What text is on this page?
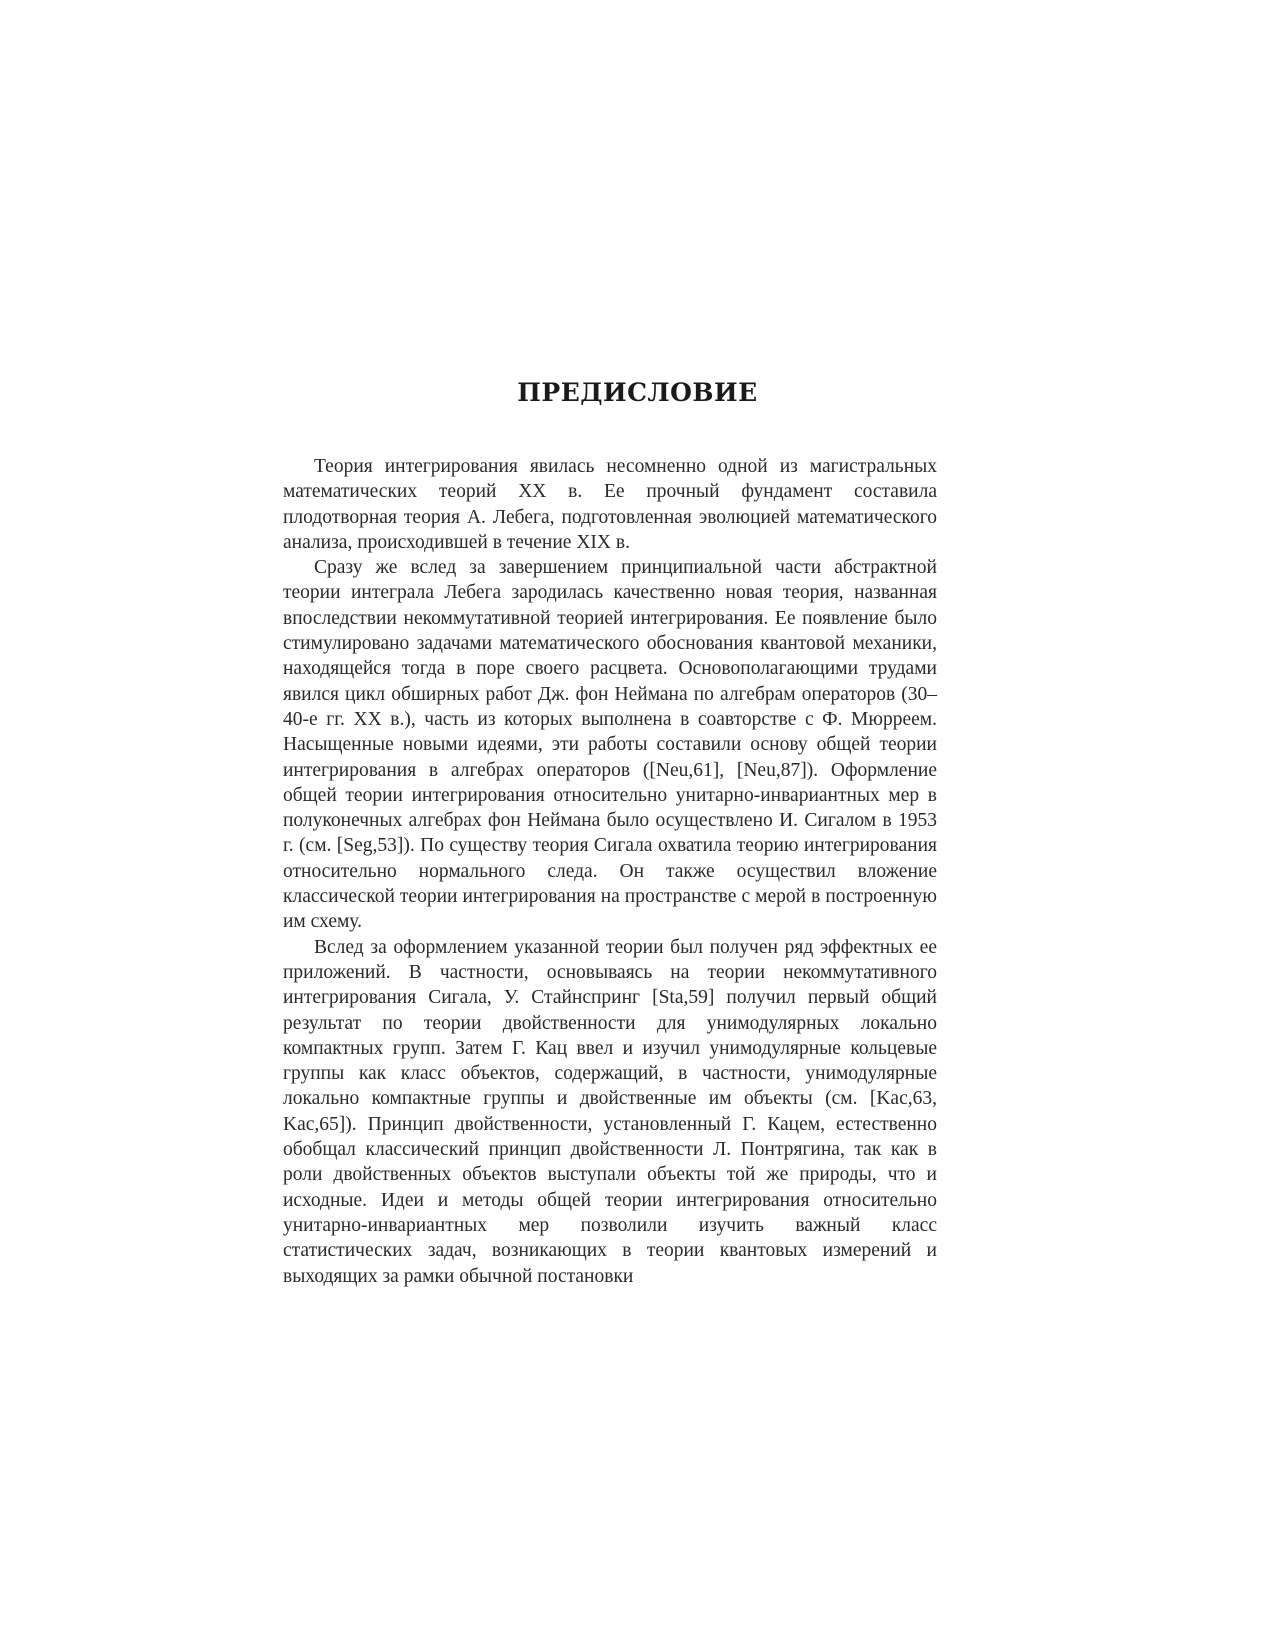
ПРЕДИСЛОВИЕ

Теория интегрирования явилась несомненно одной из магистральных математических теорий XX в. Ее прочный фундамент составила плодотворная теория А. Лебега, подготовленная эволюцией математического анализа, происходившей в течение XIX в.

Сразу же вслед за завершением принципиальной части абстрактной теории интеграла Лебега зародилась качественно новая теория, названная впоследствии некоммутативной теорией интегрирования. Ее появление было стимулировано задачами математического обоснования квантовой механики, находящейся тогда в поре своего расцвета. Основополагающими трудами явился цикл обширных работ Дж. фон Неймана по алгебрам операторов (30–40-е гг. XX в.), часть из которых выполнена в соавторстве с Ф. Мюрреем. Насыщенные новыми идеями, эти работы составили основу общей теории интегрирования в алгебрах операторов ([Neu,61], [Neu,87]). Оформление общей теории интегрирования относительно унитарно-инвариантных мер в полуконечных алгебрах фон Неймана было осуществлено И. Сигалом в 1953 г. (см. [Seg,53]). По существу теория Сигала охватила теорию интегрирования относительно нормального следа. Он также осуществил вложение классической теории интегрирования на пространстве с мерой в построенную им схему.

Вслед за оформлением указанной теории был получен ряд эффектных ее приложений. В частности, основываясь на теории некоммутативного интегрирования Сигала, У. Стайнспринг [Sta,59] получил первый общий результат по теории двойственности для унимодулярных локально компактных групп. Затем Г. Кац ввел и изучил унимодулярные кольцевые группы как класс объектов, содержащий, в частности, унимодулярные локально компактные группы и двойственные им объекты (см. [Kac,63, Kac,65]). Принцип двойственности, установленный Г. Кацем, естественно обобщал классический принцип двойственности Л. Понтрягина, так как в роли двойственных объектов выступали объекты той же природы, что и исходные. Идеи и методы общей теории интегрирования относительно унитарно-инвариантных мер позволили изучить важный класс статистических задач, возникающих в теории квантовых измерений и выходящих за рамки обычной постановки
